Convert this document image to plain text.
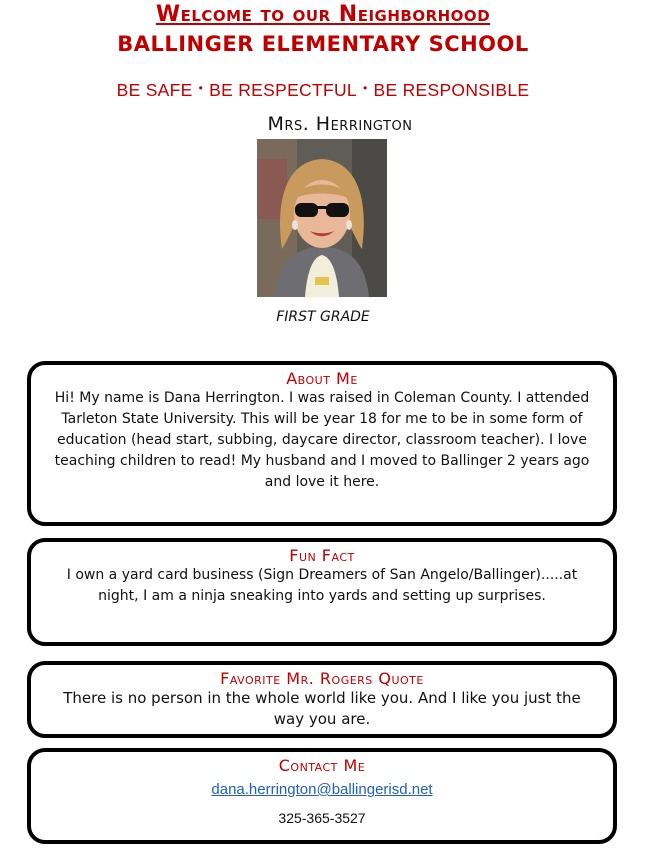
Welcome to our Neighborhood
BALLINGER ELEMENTARY SCHOOL
BE SAFE • BE RESPECTFUL • BE RESPONSIBLE
Mrs. Herrington
FIRST GRADE
About Me
Hi! My name is Dana Herrington. I was raised in Coleman County. I attended Tarleton State University. This will be year 18 for me to be in some form of education (head start, subbing, daycare director, classroom teacher). I love teaching children to read! My husband and I moved to Ballinger 2 years ago and love it here.
Fun Fact
I own a yard card business (Sign Dreamers of San Angelo/Ballinger).....at night, I am a ninja sneaking into yards and setting up surprises.
Favorite Mr. Rogers Quote
There is no person in the whole world like you. And I like you just the way you are.
Contact Me
dana.herrington@ballingerisd.net
325-365-3527
